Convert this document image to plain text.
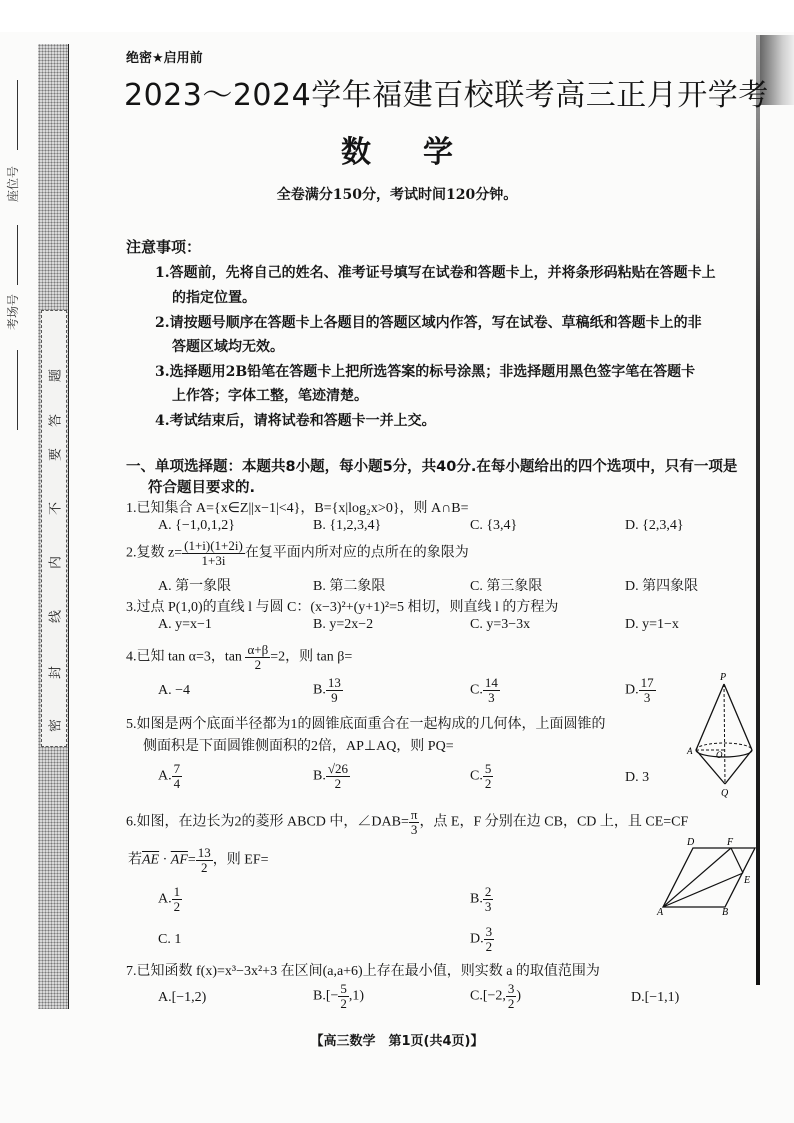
密
封
线
内
不
要
答
题
座位号
考场号
绝密★启用前
2023～2024学年福建百校联考高三正月开学考
数 学
全卷满分150分，考试时间120分钟。
注意事项：
1.答题前，先将自己的姓名、准考证号填写在试卷和答题卡上，并将条形码粘贴在答题卡上
的指定位置。
2.请按题号顺序在答题卡上各题目的答题区域内作答，写在试卷、草稿纸和答题卡上的非
答题区域均无效。
3.选择题用2B铅笔在答题卡上把所选答案的标号涂黑；非选择题用黑色签字笔在答题卡
上作答；字体工整，笔迹清楚。
4.考试结束后，请将试卷和答题卡一并上交。
一、单项选择题：本题共8小题，每小题5分，共40分.在每小题给出的四个选项中，只有一项是
符合题目要求的.
1.已知集合 A={x∈Z||x−1|<4}，B={x|log₂x>0}，则 A∩B=
A. {−1,0,1,2}	B. {1,2,3,4}	C. {3,4}	D. {2,3,4}
2.复数 $z= \frac{(1+i)(1+2i)}{1+3i}$ 在复平面内所对应的点所在的象限为
A. 第一象限	B. 第二象限	C. 第三象限	D. 第四象限
3.过点 P(1,0)的直线 l 与圆 C：(x−3)²+(y+1)²=5 相切，则直线 l 的方程为
A. y=x−1	B. y=2x−2	C. y=3−3x	D. y=1−x
4.已知 tan α=3，$\tan \frac{\alpha+\beta}{2} =2$，则 tan β=
A. −4	B. $\frac{13}{9}$	C. $\frac{14}{3}$	D. $\frac{17}{3}$
5.如图是两个底面半径都为1的圆锥底面重合在一起构成的几何体，上面圆锥的
侧面积是下面圆锥侧面积的2倍，AP⊥AQ，则 PQ=
A. $\frac{7}{4}$	B. $\frac{√26}{2}$	C. $\frac{5}{2}$	D. 3
P
A	O
Q
6.如图，在边长为2的菱形 ABCD 中，∠DAB= $\frac{\pi}{3}$ ，点 E，F 分别在边 CB，CD 上，且 CE=CF
若$\overline{AE} \cdot \overline{AF}= \frac{13}{2}$ ，则 EF=
A. $\frac{1}{2}$	B. $\frac{2}{3}$
C. 1	D. $\frac{3}{2}$
D	F
E
A	B
7.已知函数 f(x)=x³−3x²+3 在区间(a,a+6)上存在最小值，则实数 a 的取值范围为
A.[−1,2)	$B.[- \frac{5}{2} ,1)$	C.[−2, $\frac{3}{2}$ )	D.[−1,1)
【高三数学　第1页(共4页)】
